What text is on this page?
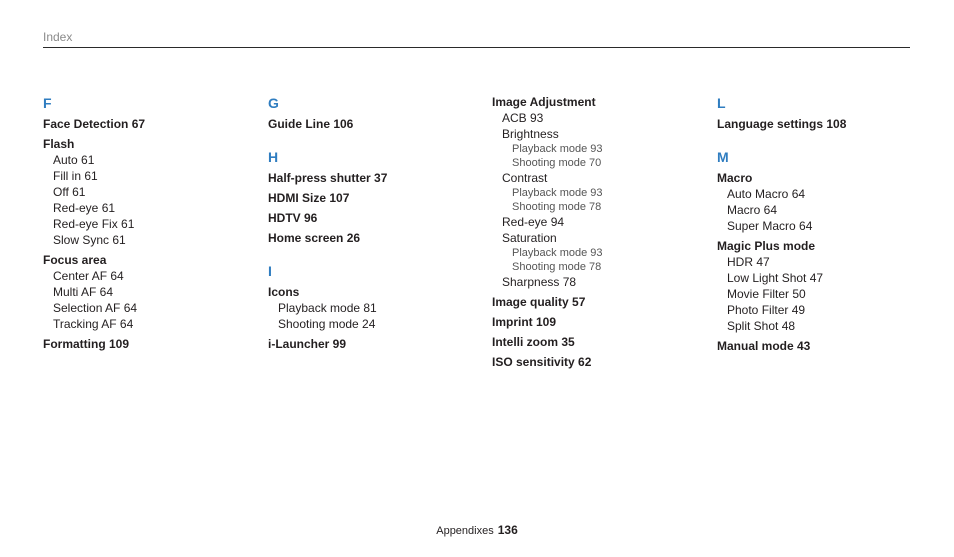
Index
F
Face Detection 67
Flash
Auto 61
Fill in 61
Off 61
Red-eye 61
Red-eye Fix 61
Slow Sync 61
Focus area
Center AF 64
Multi AF 64
Selection AF 64
Tracking AF 64
Formatting 109
G
Guide Line 106
H
Half-press shutter 37
HDMI Size 107
HDTV 96
Home screen 26
I
Icons
Playback mode 81
Shooting mode 24
i-Launcher 99
Image Adjustment
ACB 93
Brightness
Playback mode 93
Shooting mode 70
Contrast
Playback mode 93
Shooting mode 78
Red-eye 94
Saturation
Playback mode 93
Shooting mode 78
Sharpness 78
Image quality 57
Imprint 109
Intelli zoom 35
ISO sensitivity 62
L
Language settings 108
M
Macro
Auto Macro 64
Macro 64
Super Macro 64
Magic Plus mode
HDR 47
Low Light Shot 47
Movie Filter 50
Photo Filter 49
Split Shot 48
Manual mode 43
Appendixes 136
